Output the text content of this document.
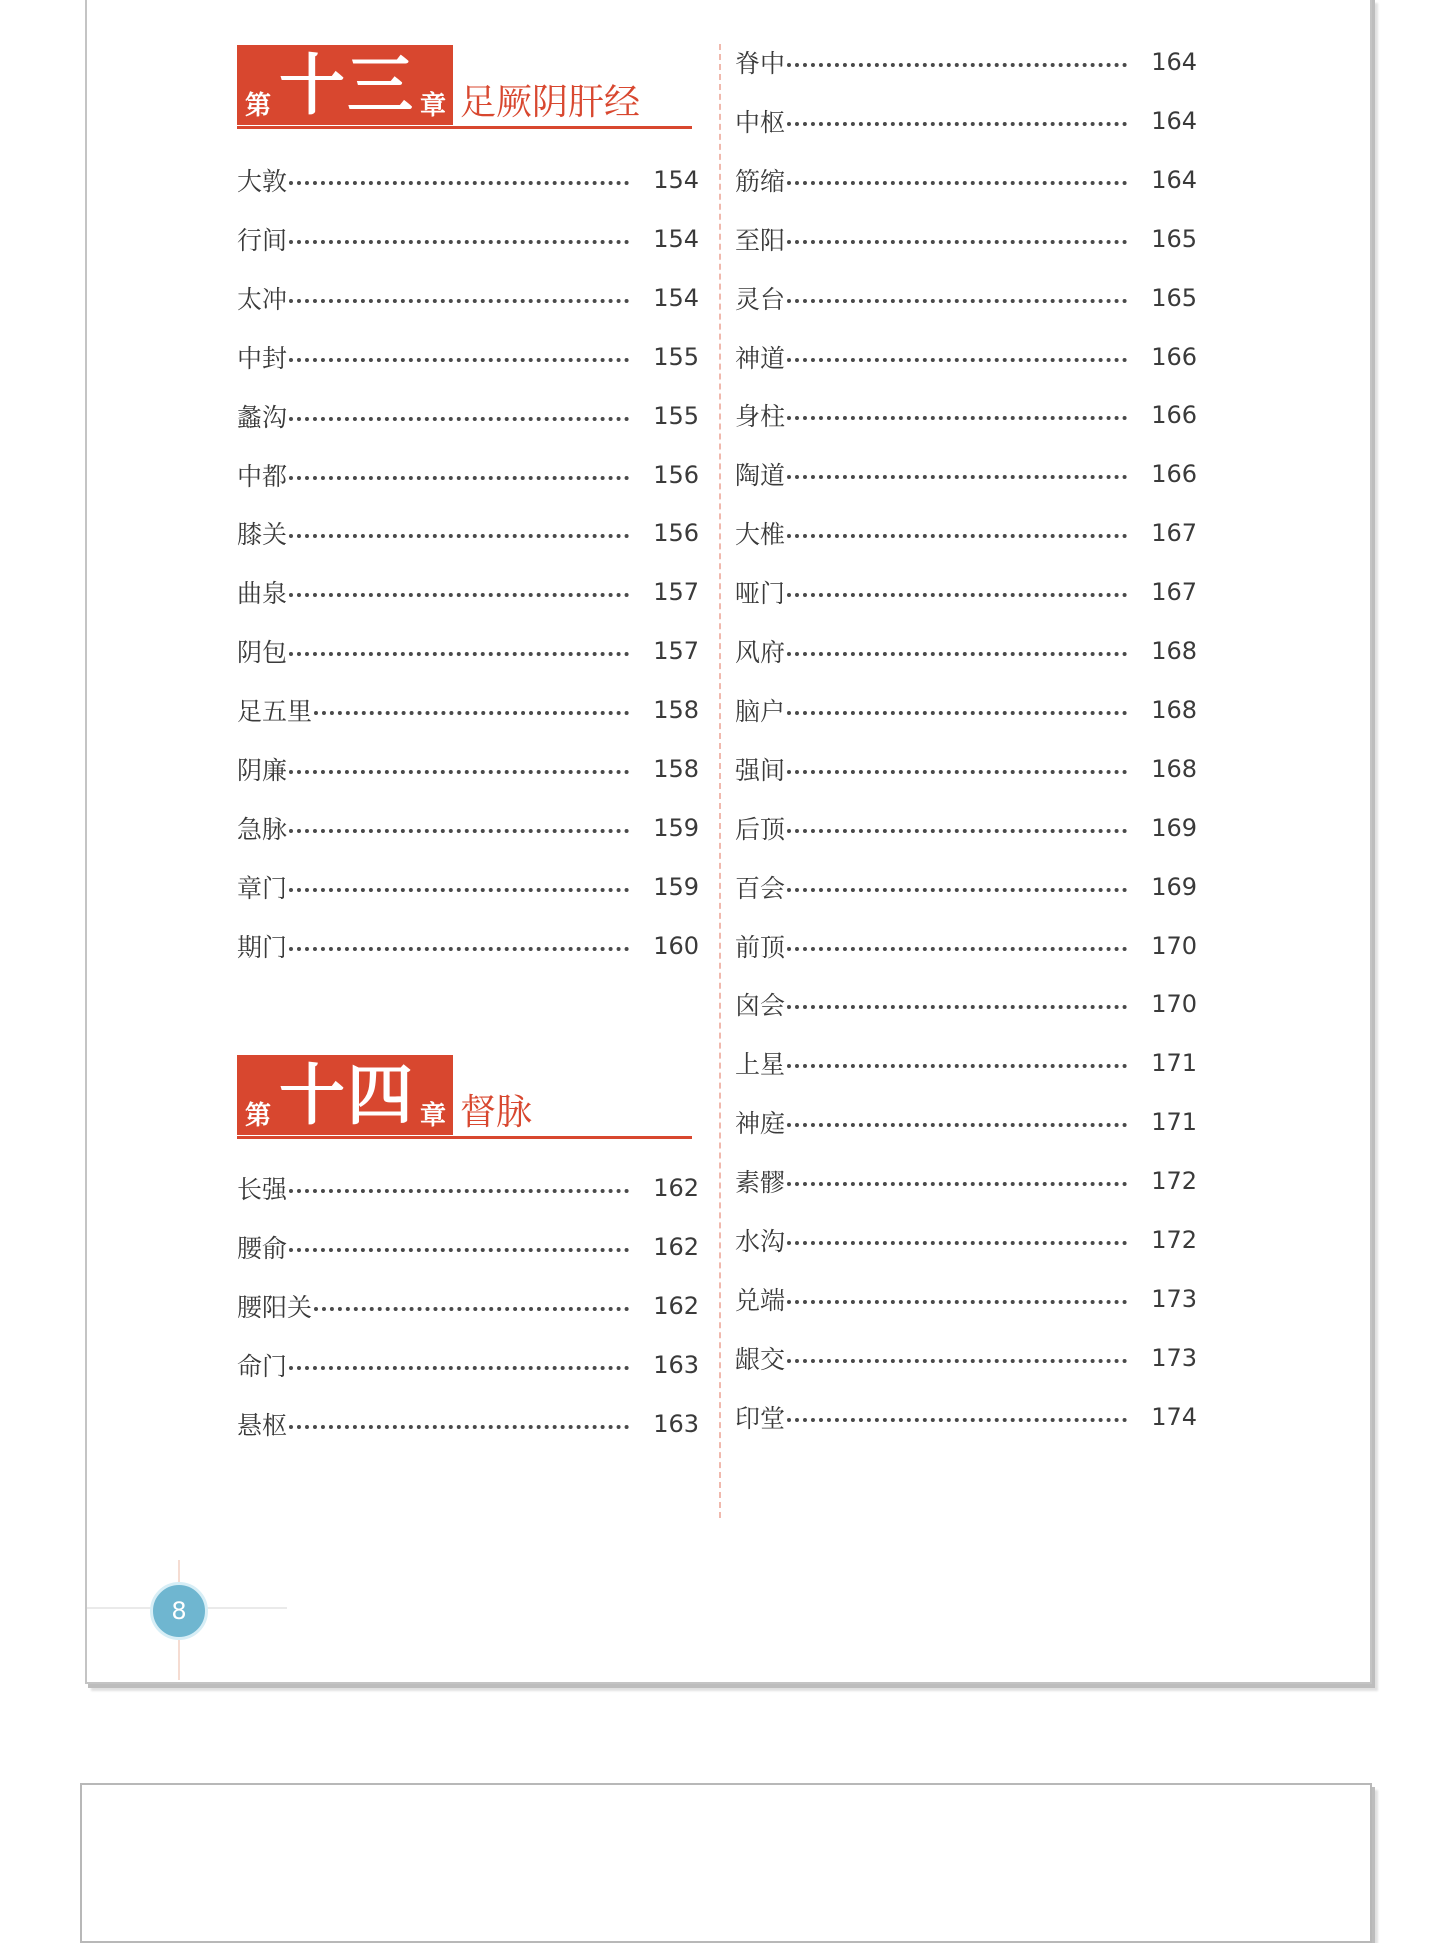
第 十三 章 足厥阴肝经
大敦	154
行间	154
太冲	154
中封	155
蠡沟	155
中都	156
膝关	156
曲泉	157
阴包	157
足五里	158
阴廉	158
急脉	159
章门	159
期门	160
第 十四 章 督脉
长强	162
腰俞	162
腰阳关	162
命门	163
悬枢	163
脊中	164
中枢	164
筋缩	164
至阳	165
灵台	165
神道	166
身柱	166
陶道	166
大椎	167
哑门	167
风府	168
脑户	168
强间	168
后顶	169
百会	169
前顶	170
囟会	170
上星	171
神庭	171
素髎	172
水沟	172
兑端	173
龈交	173
印堂	174
8
